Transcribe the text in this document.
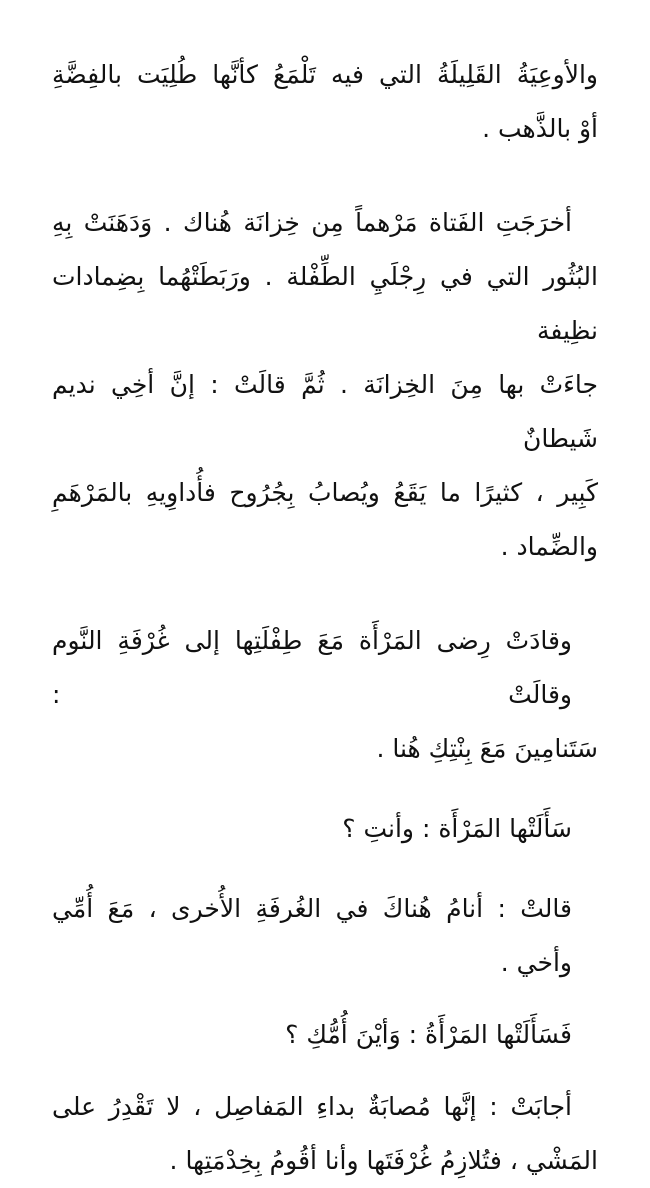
والأوعِيَةُ القَلِيلَةُ التي فيه تَلْمَعُ كأنَّها طُلِيَت بالفِضَّةِ
أوْ بالذَّهب .

أخرَجَتِ الفَتاة مَرْهماً مِن خِزانَة هُناك . وَدَهَنَتْ بِهِ
البُثُور التي في رِجْلَيِ الطِّفْلة . ورَبَطَتْهُما بِضِمادات نظِيفة
جاءَتْ بها مِنَ الخِزانَة . ثُمَّ قالَتْ : إنَّ أخِي نديم شَيطانٌ
كَبِير ، كثيرًا ما يَقَعُ ويُصابُ بِجُرُوح فأُداوِيهِ بالمَرْهَمِ
والضِّماد .

وقادَتْ رِضى المَرْأَة مَعَ طِفْلَتِها إلى غُرْفَةِ النَّوم وقالَتْ :
سَتَنامِينَ مَعَ بِنْتِكِ هُنا .

سَأَلَتْها المَرْأَة : وأنتِ ؟

قالتْ : أنامُ هُناكَ في الغُرفَةِ الأُخرى ، مَعَ أُمِّي وأخي .

فَسَأَلَتْها المَرْأَةُ : وَأيْنَ أُمُّكِ ؟

أجابَتْ : إنَّها مُصابَةٌ بداءِ المَفاصِل ، لا تَقْدِرُ على
المَشْي ، فتُلازِمُ غُرْفَتَها وأنا أقُومُ بِخِدْمَتِها .
